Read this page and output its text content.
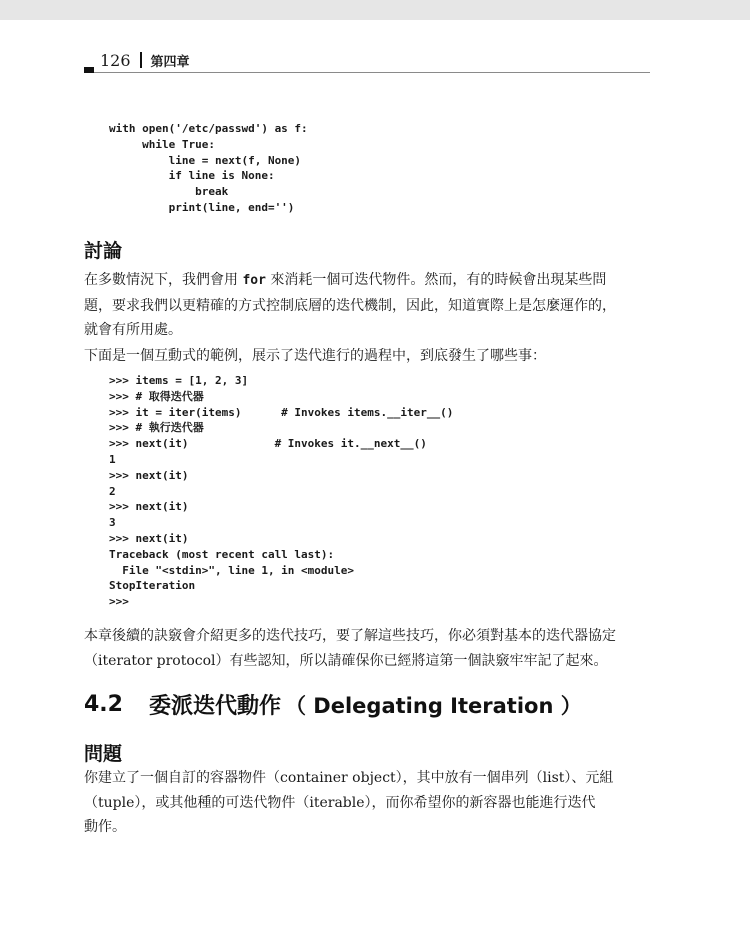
126 第四章
with open('/etc/passwd') as f:
while True:
line = next(f, None)
if line is None:
break
print(line, end='')
討論

在多數情況下，我們會用 for 來消耗一個可迭代物件。然而，有的時候會出現某些問
題，要求我們以更精確的方式控制底層的迭代機制，因此，知道實際上是怎麼運作的，
就會有所用處。

下面是一個互動式的範例，展示了迭代進行的過程中，到底發生了哪些事：

>>> items = [1, 2, 3]
>>> # 取得迭代器
>>> it = iter(items)      # Invokes items.__iter__()
>>> # 執行迭代器
>>> next(it)             # Invokes it.__next__()
1
>>> next(it)
2
>>> next(it)
3
>>> next(it)
Traceback (most recent call last):
File "<stdin>", line 1, in <module>
StopIteration
>>>

本章後續的訣竅會介紹更多的迭代技巧，要了解這些技巧，你必須對基本的迭代器協定
（iterator protocol）有些認知，所以請確保你已經將這第一個訣竅牢牢記了起來。

4.2 委派迭代動作 （ Delegating Iteration ）
問題

你建立了一個自訂的容器物件（container object），其中放有一個串列（list）、元組
（tuple），或其他種的可迭代物件（iterable），而你希望你的新容器也能進行迭代
動作。
